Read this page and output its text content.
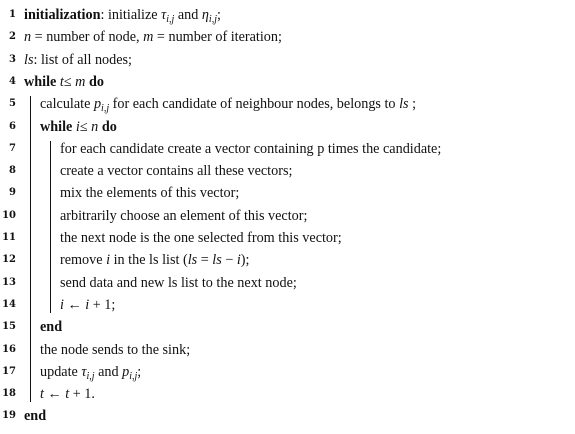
1 initialization: initialize $\tau_{i,j}$ and $\eta_{i,j}$;
2 n = number of node, m = number of iteration;
3 ls: list of all nodes;
4 while t≤ m do
5 calculate $p_{i,j}$ for each candidate of neighbour nodes, belongs to ls ;
6 while i≤ n do
7	for each candidate create a vector containing p times the candidate;
8	create a vector contains all these vectors;
9	mix the elements of this vector;
10	arbitrarily choose an element of this vector;
11	the next node is the one selected from this vector;
12	remove i in the ls list (ls = ls − i);
13	send data and new ls list to the next node;
14	i ← i + 1;
15 end
16 the node sends to the sink;
17 update $\tau_{i,j}$ and $p_{i,j}$;
18 t ← t + 1.
19 end
